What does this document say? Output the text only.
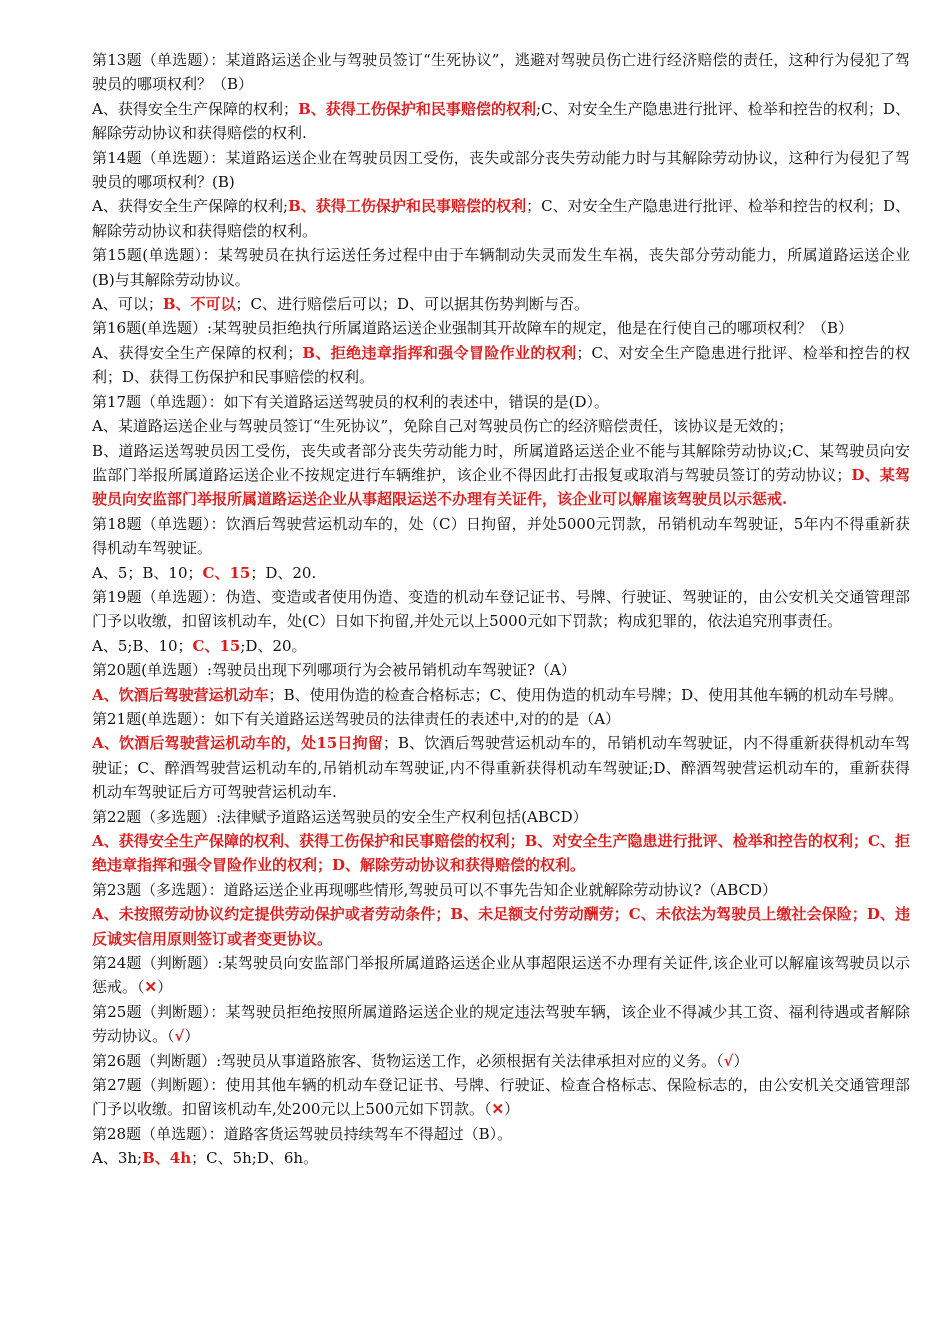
第13题（单选题）：某道路运送企业与驾驶员签订“生死协议”，逃避对驾驶员伤亡进行经济赔偿的责任，这种行为侵犯了驾驶员的哪项权利？（B）

A、获得安全生产保障的权利；B、获得工伤保护和民事赔偿的权利;C、对安全生产隐患进行批评、检举和控告的权利；D、解除劳动协议和获得赔偿的权利.

第14题（单选题）：某道路运送企业在驾驶员因工受伤，丧失或部分丧失劳动能力时与其解除劳动协议，这种行为侵犯了驾驶员的哪项权利？(B)

A、获得安全生产保障的权利;B、获得工伤保护和民事赔偿的权利；C、对安全生产隐患进行批评、检举和控告的权利；D、解除劳动协议和获得赔偿的权利。

第15题(单选题）：某驾驶员在执行运送任务过程中由于车辆制动失灵而发生车祸，丧失部分劳动能力，所属道路运送企业(B)与其解除劳动协议。

A、可以；B、不可以；C、进行赔偿后可以；D、可以据其伤势判断与否。

第16题(单选题）:某驾驶员拒绝执行所属道路运送企业强制其开故障车的规定，他是在行使自己的哪项权利？（B）

A、获得安全生产保障的权利；B、拒绝违章指挥和强令冒险作业的权利；C、对安全生产隐患进行批评、检举和控告的权利；D、获得工伤保护和民事赔偿的权利。

第17题（单选题）：如下有关道路运送驾驶员的权利的表述中，错误的是(D）。

A、某道路运送企业与驾驶员签订“生死协议”，免除自己对驾驶员伤亡的经济赔偿责任，该协议是无效的；

B、道路运送驾驶员因工受伤，丧失或者部分丧失劳动能力时，所属道路运送企业不能与其解除劳动协议;C、某驾驶员向安监部门举报所属道路运送企业不按规定进行车辆维护，该企业不得因此打击报复或取消与驾驶员签订的劳动协议；D、某驾驶员向安监部门举报所属道路运送企业从事超限运送不办理有关证件，该企业可以解雇该驾驶员以示惩戒.

第18题（单选题）：饮酒后驾驶营运机动车的，处（C）日拘留，并处5000元罚款，吊销机动车驾驶证，5年内不得重新获得机动车驾驶证。

A、5；B、10；C、15；D、20.

第19题（单选题）：伪造、变造或者使用伪造、变造的机动车登记证书、号牌、行驶证、驾驶证的，由公安机关交通管理部门予以收缴，扣留该机动车，处(C）日如下拘留,并处元以上5000元如下罚款；构成犯罪的，依法追究刑事责任。

A、5;B、10；C、15;D、20。

第20题(单选题）:驾驶员出现下列哪项行为会被吊销机动车驾驶证?（A）

A、饮酒后驾驶营运机动车；B、使用伪造的检查合格标志；C、使用伪造的机动车号牌；D、使用其他车辆的机动车号牌。

第21题(单选题）：如下有关道路运送驾驶员的法律责任的表述中,对的的是（A）

A、饮酒后驾驶营运机动车的，处15日拘留；B、饮酒后驾驶营运机动车的，吊销机动车驾驶证，内不得重新获得机动车驾驶证；C、醉酒驾驶营运机动车的,吊销机动车驾驶证,内不得重新获得机动车驾驶证;D、醉酒驾驶营运机动车的，重新获得机动车驾驶证后方可驾驶营运机动车.

第22题（多选题）:法律赋予道路运送驾驶员的安全生产权利包括(ABCD）

A、获得安全生产保障的权利、获得工伤保护和民事赔偿的权利；B、对安全生产隐患进行批评、检举和控告的权利；C、拒绝违章指挥和强令冒险作业的权利；D、解除劳动协议和获得赔偿的权利。

第23题（多选题）：道路运送企业再现哪些情形,驾驶员可以不事先告知企业就解除劳动协议?（ABCD）

A、未按照劳动协议约定提供劳动保护或者劳动条件；B、未足额支付劳动酬劳；C、未依法为驾驶员上缴社会保险；D、违反诚实信用原则签订或者变更协议。

第24题（判断题）:某驾驶员向安监部门举报所属道路运送企业从事超限运送不办理有关证件,该企业可以解雇该驾驶员以示惩戒。（✕）

第25题（判断题）：某驾驶员拒绝按照所属道路运送企业的规定违法驾驶车辆，该企业不得减少其工资、福利待遇或者解除劳动协议。（√）

第26题（判断题）:驾驶员从事道路旅客、货物运送工作，必须根据有关法律承担对应的义务。（√）

第27题（判断题）：使用其他车辆的机动车登记证书、号牌、行驶证、检查合格标志、保险标志的，由公安机关交通管理部门予以收缴。扣留该机动车,处200元以上500元如下罚款。（✕）

第28题（单选题）：道路客货运驾驶员持续驾车不得超过（B）。

A、3h;B、4h；C、5h;D、6h。
